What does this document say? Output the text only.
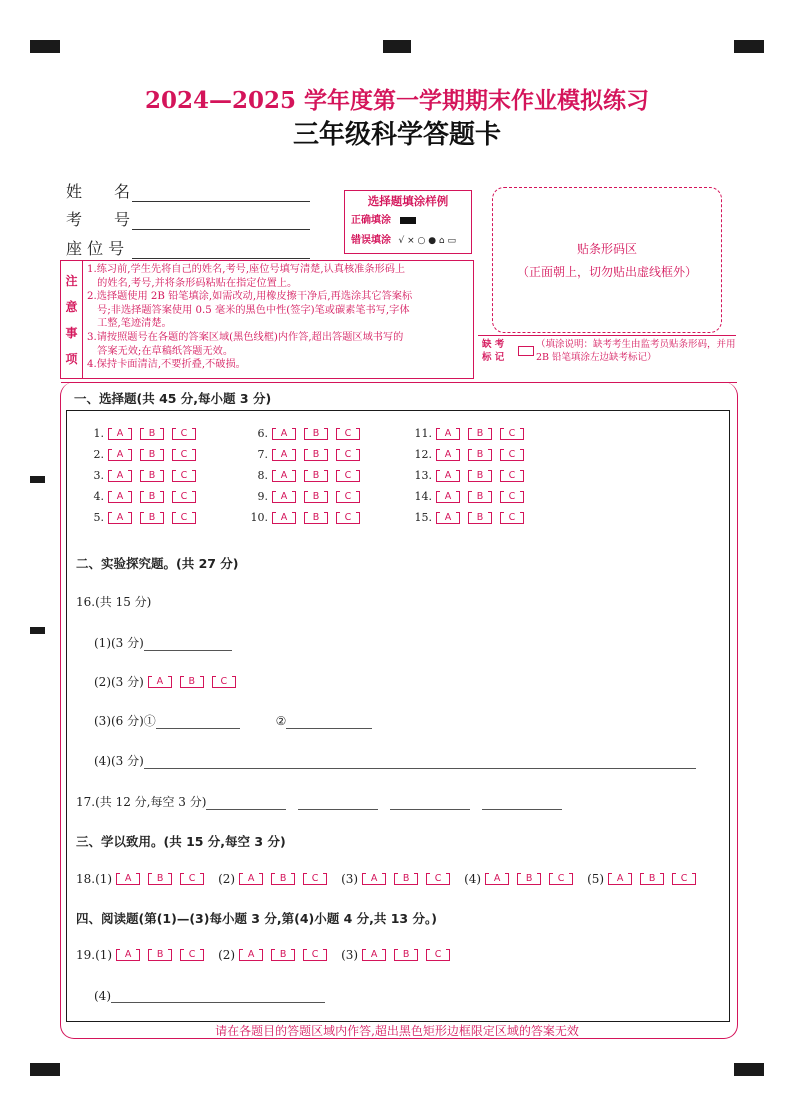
2024—2025 学年度第一学期期末作业模拟练习
三年级科学答题卡
姓　　名
考　　号
座 位 号
选择题填涂样例
正确填涂
错误填涂 √ × ○ ● ⌂ ▭
贴条形码区
（正面朝上，切勿贴出虚线框外）
注
意
事
项
1.练习前,学生先将自己的姓名,考号,座位号填写清楚,认真核准条形码上
　的姓名,考号,并将条形码粘贴在指定位置上。
2.选择题使用 2B 铅笔填涂,如需改动,用橡皮擦干净后,再选涂其它答案标
　号;非选择题答案使用 0.5 毫米的黑色中性(签字)笔或碳素笔书写,字体
　工整,笔迹清楚。
3.请按照题号在各题的答案区域(黑色线框)内作答,超出答题区域书写的
　答案无效;在草稿纸答题无效。
4.保持卡面清洁,不要折叠,不破损。
缺 考
标 记
（填涂说明：缺考考生由监考员贴条形码，并用 2B 铅笔填涂左边缺考标记）
一、选择题(共 45 分,每小题 3 分)
1.	A	B	C
2.	A	B	C
3.	A	B	C
4.	A	B	C
5.	A	B	C
6.	A	B	C
7.	A	B	C
8.	A	B	C
9.	A	B	C
10.	A	B	C
11.	A	B	C
12.	A	B	C
13.	A	B	C
14.	A	B	C
15.	A	B	C
二、实验探究题。(共 27 分)
16.(共 15 分)
(1)(3 分)
(2)(3 分)	A	B	C
(3)(6 分)①	②
(4)(3 分)
17.(共 12 分,每空 3 分)
三、学以致用。(共 15 分,每空 3 分)
18. (1)	A	B	C	(2)	A	B	C	(3)	A	B	C	(4)	A	B	C	(5)	A	B	C
四、阅读题(第(1)—(3)每小题 3 分,第(4)小题 4 分,共 13 分。)
19. (1)	A	B	C	(2)	A	B	C	(3)	A	B	C
(4)
请在各题目的答题区域内作答,超出黑色矩形边框限定区域的答案无效
